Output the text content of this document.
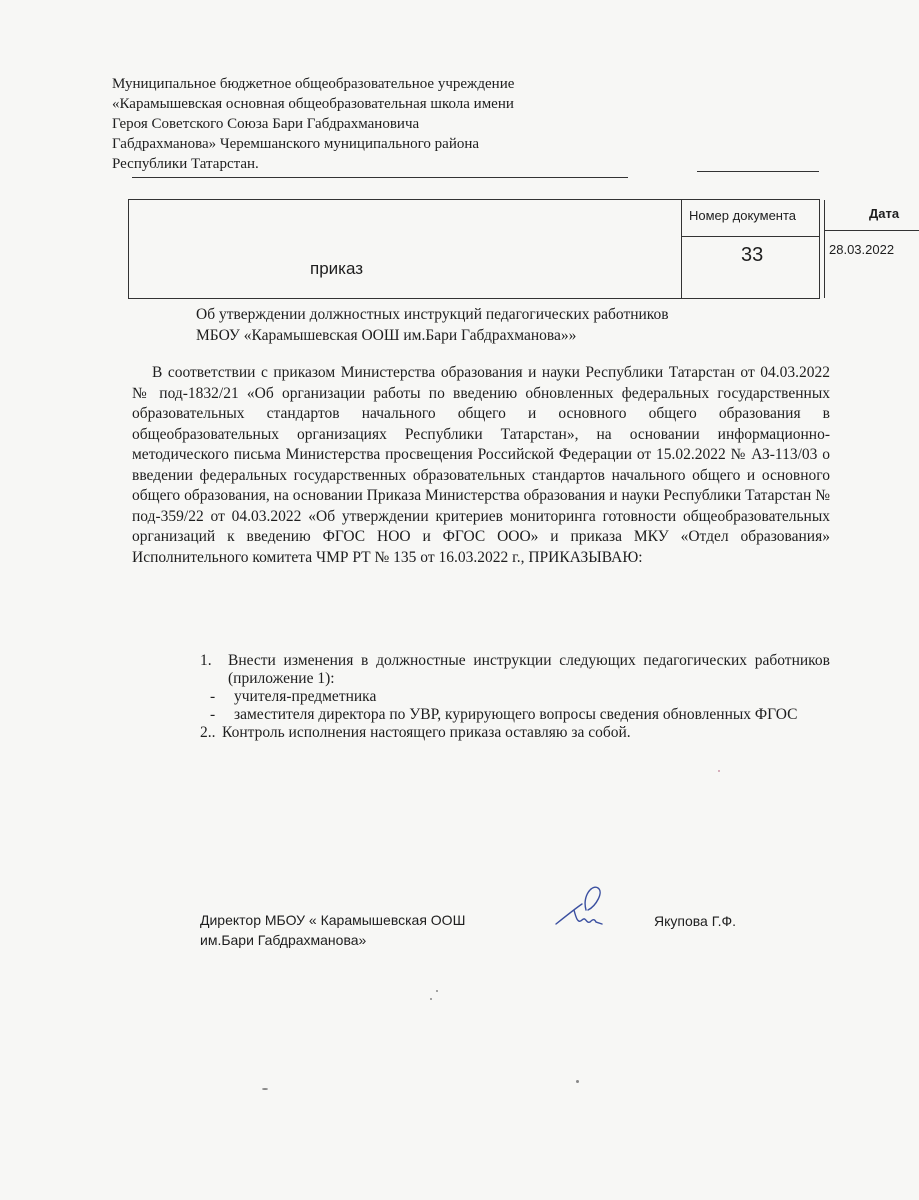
Муниципальное бюджетное общеобразовательное учреждение
«Карамышевская основная общеобразовательная школа имени
Героя Советского Союза Бари Габдрахмановича
Габдрахманова» Черемшанского муниципального района
Республики Татарстан.
Номер документа	Дата
33	28.03.2022
приказ
Об утверждении должностных инструкций педагогических работников
МБОУ «Карамышевская ООШ им.Бари Габдрахманова»»
В соответствии с приказом Министерства образования и науки Республики Татарстан от 04.03.2022 № под-1832/21 «Об организации работы по введению обновленных федеральных государственных образовательных стандартов начального общего и основного общего образования в общеобразовательных организациях Республики Татарстан», на основании информационно-методического письма Министерства просвещения Российской Федерации от 15.02.2022 № АЗ-113/03 о введении федеральных государственных образовательных стандартов начального общего и основного общего образования, на основании Приказа Министерства образования и науки Республики Татарстан № под-359/22 от 04.03.2022 «Об утверждении критериев мониторинга готовности общеобразовательных организаций к введению ФГОС НОО и ФГОС ООО» и приказа МКУ «Отдел образования» Исполнительного комитета ЧМР РТ № 135 от 16.03.2022 г., ПРИКАЗЫВАЮ:
1. Внести изменения в должностные инструкции следующих педагогических работников (приложение 1):
- учителя-предметника
- заместителя директора по УВР, курирующего вопросы сведения обновленных ФГОС
2.. Контроль исполнения настоящего приказа оставляю за собой.
Директор МБОУ « Карамышевская ООШ
им.Бари Габдрахманова»
Якупова Г.Ф.
